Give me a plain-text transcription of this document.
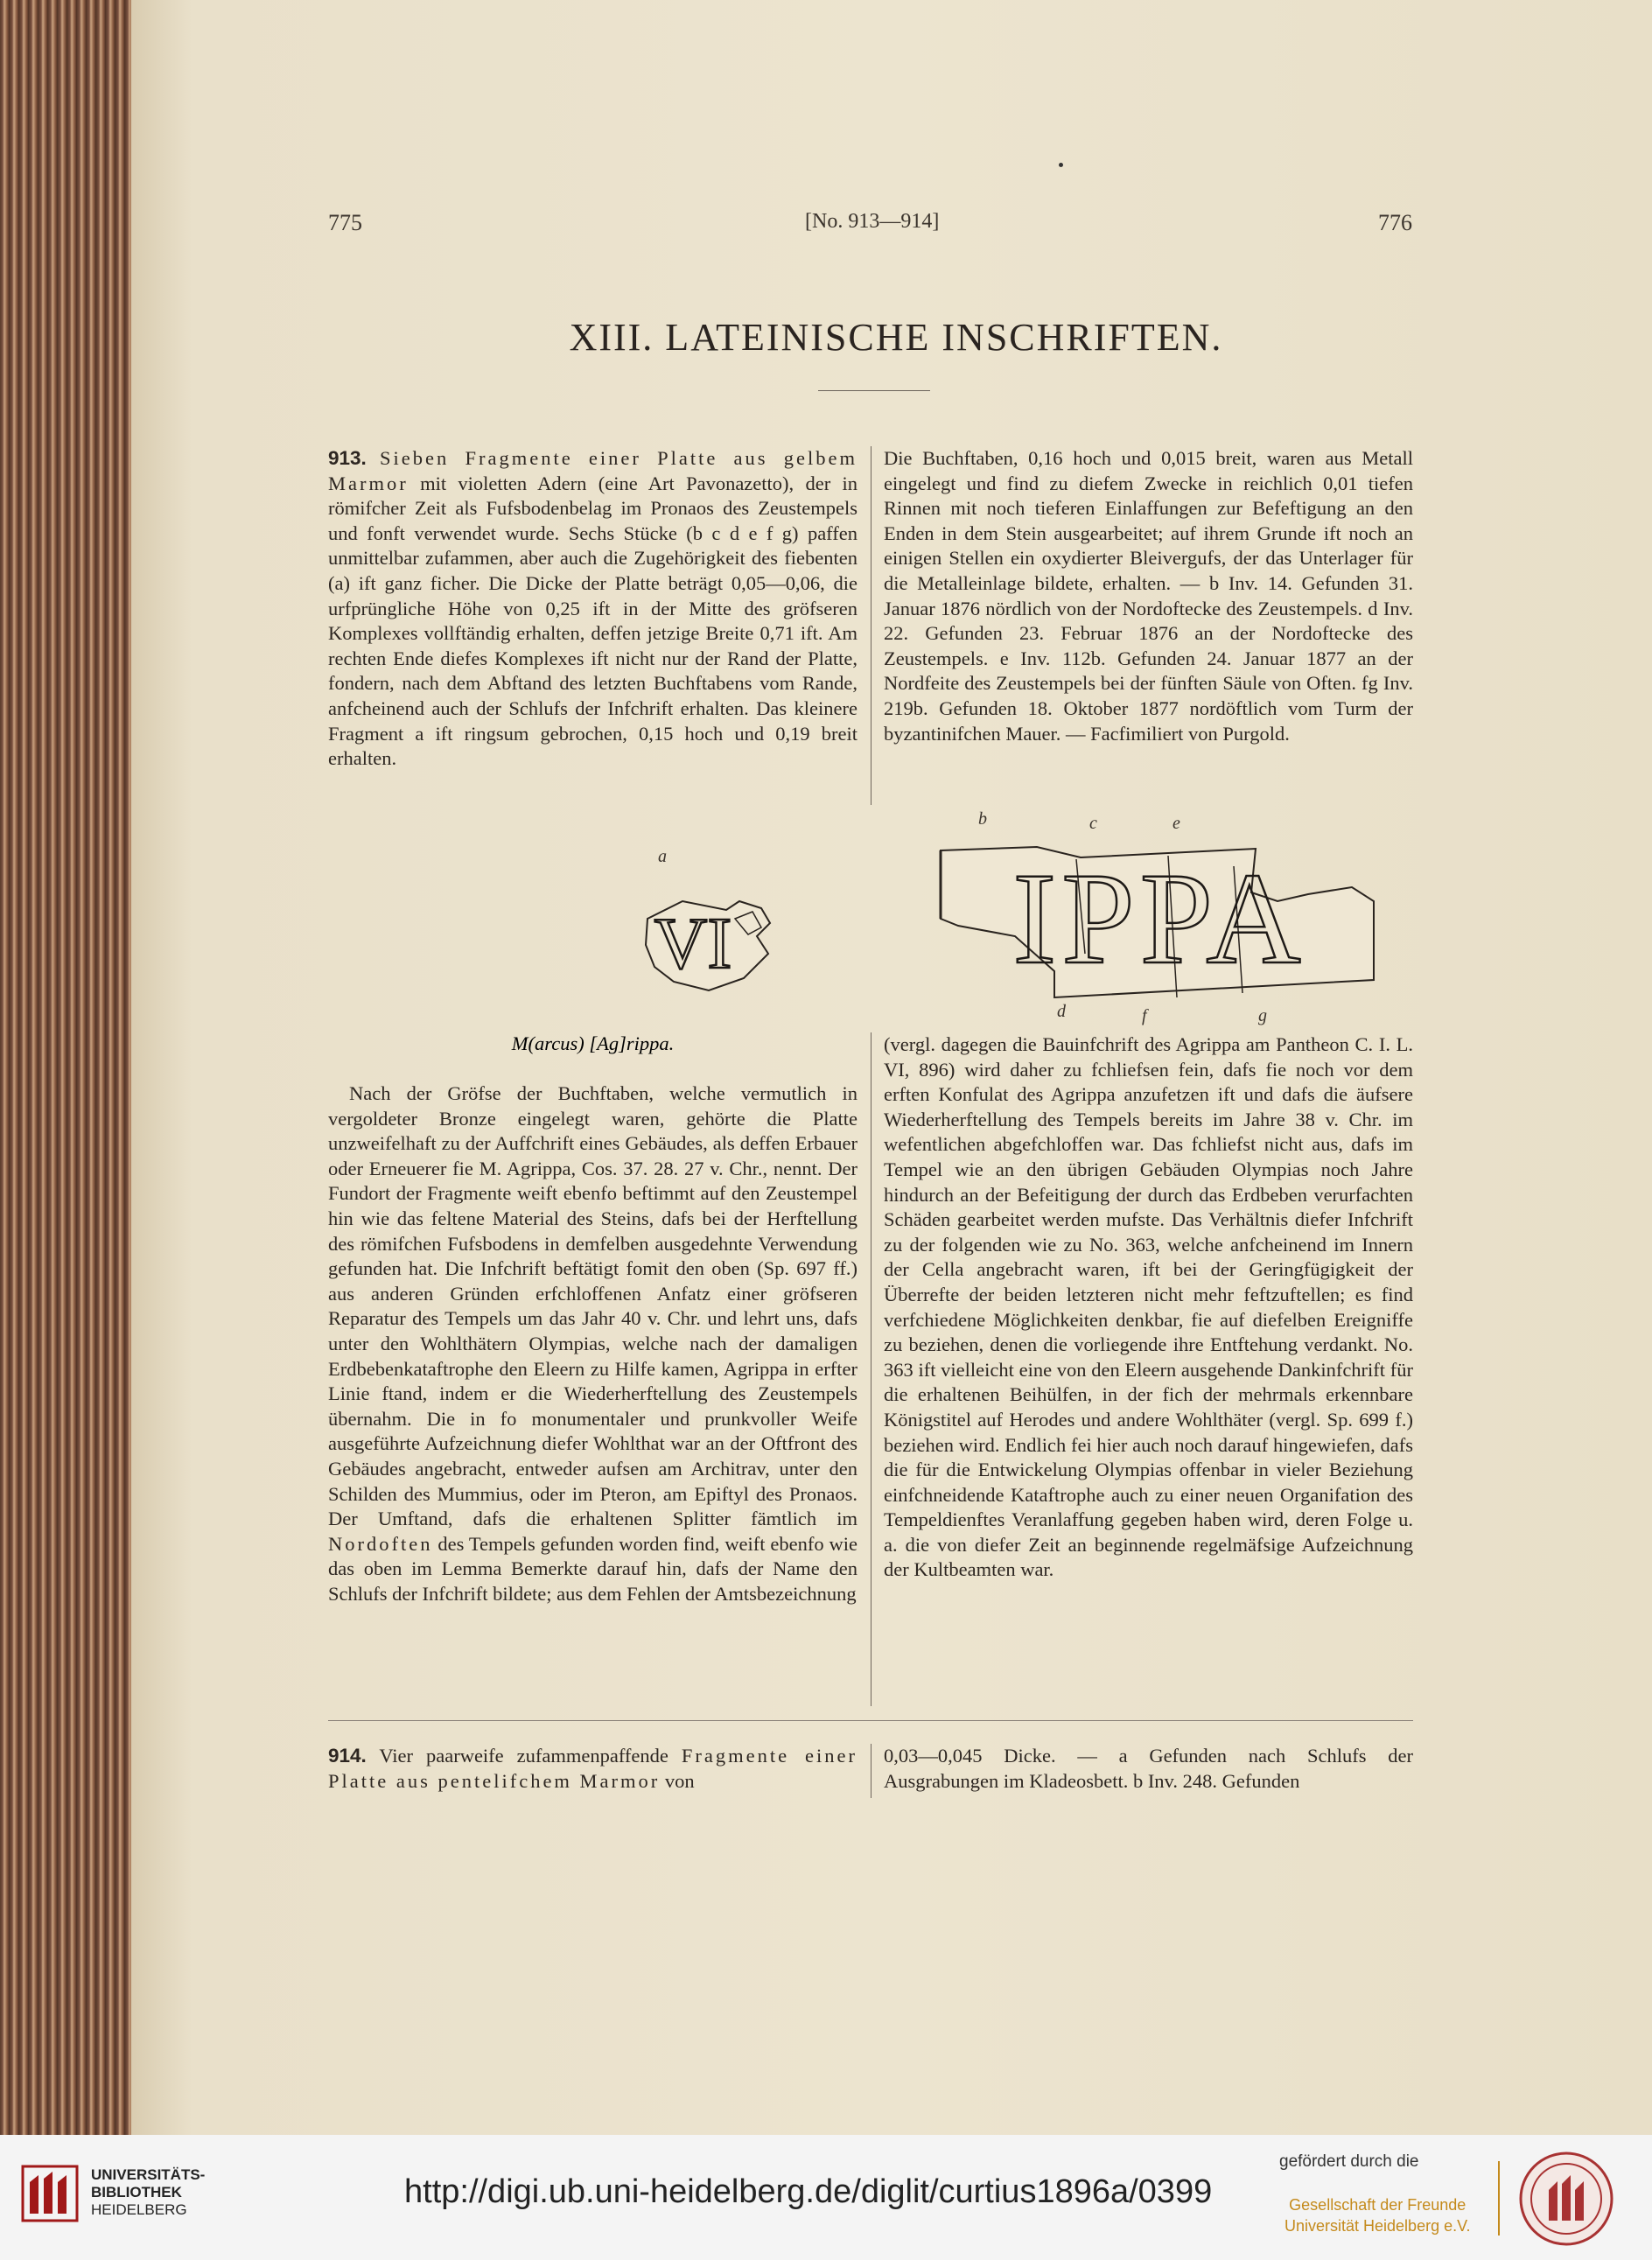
775	[No. 913—914]	776
XIII. LATEINISCHE INSCHRIFTEN.

913. Sieben Fragmente einer Platte aus gelbem Marmor mit violetten Adern (eine Art Pavonazetto), der in römifcher Zeit als Fufsbodenbelag im Pronaos des Zeustempels und fonft verwendet wurde. Sechs Stücke (b c d e f g) paffen unmittelbar zufammen, aber auch die Zugehörigkeit des fiebenten (a) ift ganz ficher. Die Dicke der Platte beträgt 0,05—0,06, die urfprüngliche Höhe von 0,25 ift in der Mitte des gröfseren Komplexes vollftändig erhalten, deffen jetzige Breite 0,71 ift. Am rechten Ende diefes Komplexes ift nicht nur der Rand der Platte, fondern, nach dem Abftand des letzten Buchftabens vom Rande, anfcheinend auch der Schlufs der Infchrift erhalten. Das kleinere Fragment a ift ringsum gebrochen, 0,15 hoch und 0,19 breit erhalten.

Die Buchftaben, 0,16 hoch und 0,015 breit, waren aus Metall eingelegt und find zu diefem Zwecke in reichlich 0,01 tiefen Rinnen mit noch tieferen Einlaffungen zur Befeftigung an den Enden in dem Stein ausgearbeitet; auf ihrem Grunde ift noch an einigen Stellen ein oxydierter Bleivergufs, der das Unterlager für die Metalleinlage bildete, erhalten. — b Inv. 14. Gefunden 31. Januar 1876 nördlich von der Nordoftecke des Zeustempels. d Inv. 22. Gefunden 23. Februar 1876 an der Nordoftecke des Zeustempels. e Inv. 112b. Gefunden 24. Januar 1877 an der Nordfeite des Zeustempels bei der fünften Säule von Often. fg Inv. 219b. Gefunden 18. Oktober 1877 nordöftlich vom Turm der byzantinifchen Mauer. — Facfimiliert von Purgold.

b	c	e
a
d	f	g
VI IPPA
M(arcus) [Ag]rippa.

Nach der Gröfse der Buchftaben, welche vermutlich in vergoldeter Bronze eingelegt waren, gehörte die Platte unzweifelhaft zu der Auffchrift eines Gebäudes, als deffen Erbauer oder Erneuerer fie M. Agrippa, Cos. 37. 28. 27 v. Chr., nennt. Der Fundort der Fragmente weift ebenfo beftimmt auf den Zeustempel hin wie das feltene Material des Steins, dafs bei der Herftellung des römifchen Fufsbodens in demfelben ausgedehnte Verwendung gefunden hat. Die Infchrift beftätigt fomit den oben (Sp. 697 ff.) aus anderen Gründen erfchloffenen Anfatz einer gröfseren Reparatur des Tempels um das Jahr 40 v. Chr. und lehrt uns, dafs unter den Wohlthätern Olympias, welche nach der damaligen Erdbebenkataftrophe den Eleern zu Hilfe kamen, Agrippa in erfter Linie ftand, indem er die Wiederherftellung des Zeustempels übernahm. Die in fo monumentaler und prunkvoller Weife ausgeführte Aufzeichnung diefer Wohlthat war an der Oftfront des Gebäudes angebracht, entweder aufsen am Architrav, unter den Schilden des Mummius, oder im Pteron, am Epiftyl des Pronaos. Der Umftand, dafs die erhaltenen Splitter fämtlich im Nordoften des Tempels gefunden worden find, weift ebenfo wie das oben im Lemma Bemerkte darauf hin, dafs der Name den Schlufs der Infchrift bildete; aus dem Fehlen der Amtsbezeichnung

(vergl. dagegen die Bauinfchrift des Agrippa am Pantheon C. I. L. VI, 896) wird daher zu fchliefsen fein, dafs fie noch vor dem erften Konfulat des Agrippa anzufetzen ift und dafs die äufsere Wiederherftellung des Tempels bereits im Jahre 38 v. Chr. im wefentlichen abgefchloffen war. Das fchliefst nicht aus, dafs im Tempel wie an den übrigen Gebäuden Olympias noch Jahre hindurch an der Befeitigung der durch das Erdbeben verurfachten Schäden gearbeitet werden mufste. Das Verhältnis diefer Infchrift zu der folgenden wie zu No. 363, welche anfcheinend im Innern der Cella angebracht waren, ift bei der Geringfügigkeit der Überrefte der beiden letzteren nicht mehr feftzuftellen; es find verfchiedene Möglichkeiten denkbar, fie auf diefelben Ereigniffe zu beziehen, denen die vorliegende ihre Entftehung verdankt. No. 363 ift vielleicht eine von den Eleern ausgehende Dankinfchrift für die erhaltenen Beihülfen, in der fich der mehrmals erkennbare Königstitel auf Herodes und andere Wohlthäter (vergl. Sp. 699 f.) beziehen wird. Endlich fei hier auch noch darauf hingewiefen, dafs die für die Entwickelung Olympias offenbar in vieler Beziehung einfchneidende Kataftrophe auch zu einer neuen Organifation des Tempeldienftes Veranlaffung gegeben haben wird, deren Folge u. a. die von diefer Zeit an beginnende regelmäfsige Aufzeichnung der Kultbeamten war.

914. Vier paarweife zufammenpaffende Fragmente einer Platte aus pentelifchem Marmor von

0,03—0,045 Dicke. — a Gefunden nach Schlufs der Ausgrabungen im Kladeosbett. b Inv. 248. Gefunden

UNIVERSITÄTS-
BIBLIOTHEK
HEIDELBERG	http://digi.ub.uni-heidelberg.de/diglit/curtius1896a/0399
gefördert durch die
Gesellschaft der Freunde
Universität Heidelberg e.V.
